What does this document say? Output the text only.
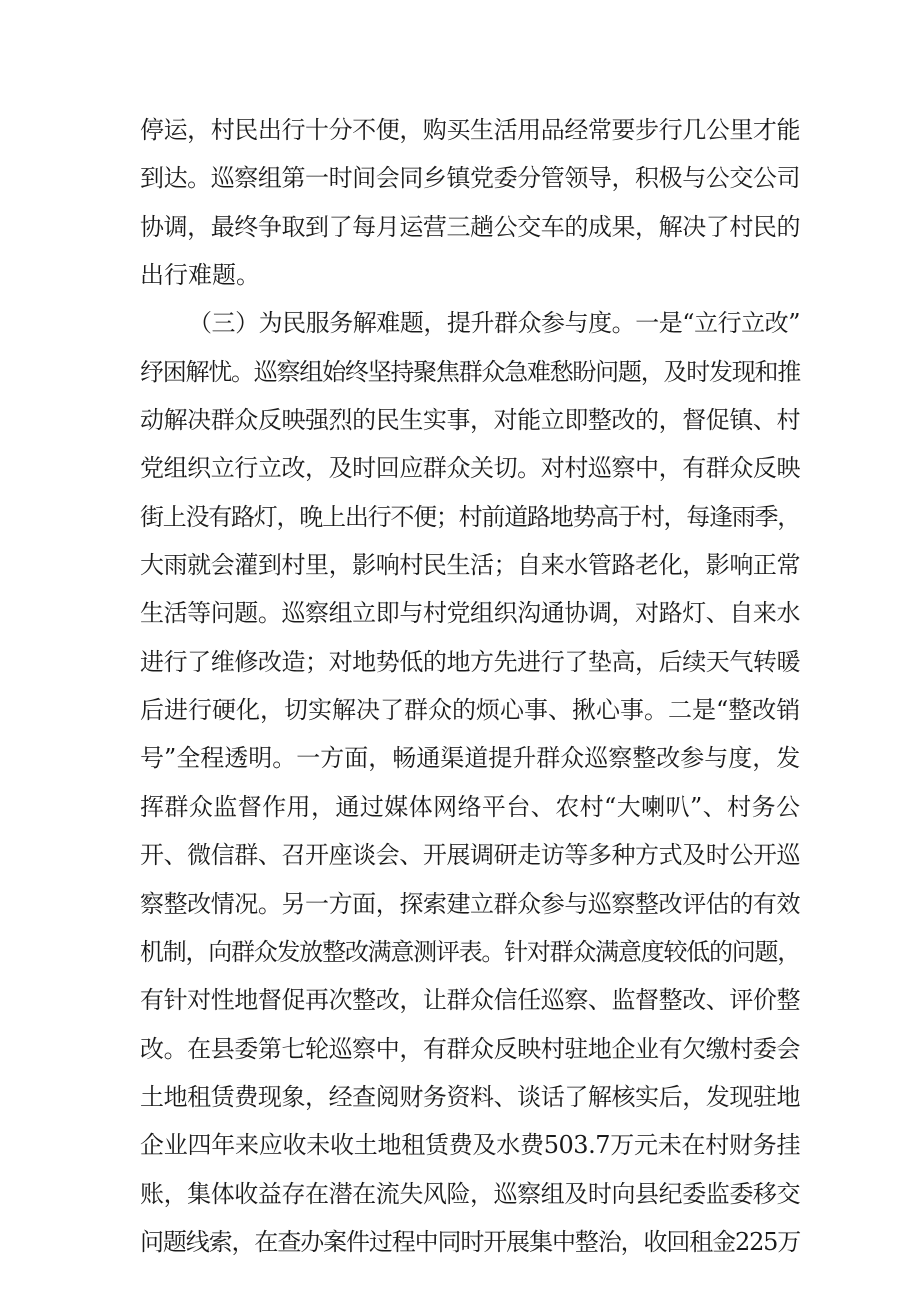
停运，村民出行十分不便，购买生活用品经常要步行几公里才能
到达。巡察组第一时间会同乡镇党委分管领导，积极与公交公司
协调，最终争取到了每月运营三趟公交车的成果，解决了村民的
出行难题。
（三）为民服务解难题，提升群众参与度。一是“立行立改”
纾困解忧。巡察组始终坚持聚焦群众急难愁盼问题，及时发现和推
动解决群众反映强烈的民生实事，对能立即整改的，督促镇、村
党组织立行立改，及时回应群众关切。对村巡察中，有群众反映
街上没有路灯，晚上出行不便；村前道路地势高于村，每逢雨季，
大雨就会灌到村里，影响村民生活；自来水管路老化，影响正常
生活等问题。巡察组立即与村党组织沟通协调，对路灯、自来水
进行了维修改造；对地势低的地方先进行了垫高，后续天气转暖
后进行硬化，切实解决了群众的烦心事、揪心事。二是“整改销
号”全程透明。一方面，畅通渠道提升群众巡察整改参与度，发
挥群众监督作用，通过媒体网络平台、农村“大喇叭”、村务公
开、微信群、召开座谈会、开展调研走访等多种方式及时公开巡
察整改情况。另一方面，探索建立群众参与巡察整改评估的有效
机制，向群众发放整改满意测评表。针对群众满意度较低的问题，
有针对性地督促再次整改，让群众信任巡察、监督整改、评价整
改。在县委第七轮巡察中，有群众反映村驻地企业有欠缴村委会
土地租赁费现象，经查阅财务资料、谈话了解核实后，发现驻地
企业四年来应收未收土地租赁费及水费503.7万元未在村财务挂
账，集体收益存在潜在流失风险，巡察组及时向县纪委监委移交
问题线索，在查办案件过程中同时开展集中整治，收回租金225万
